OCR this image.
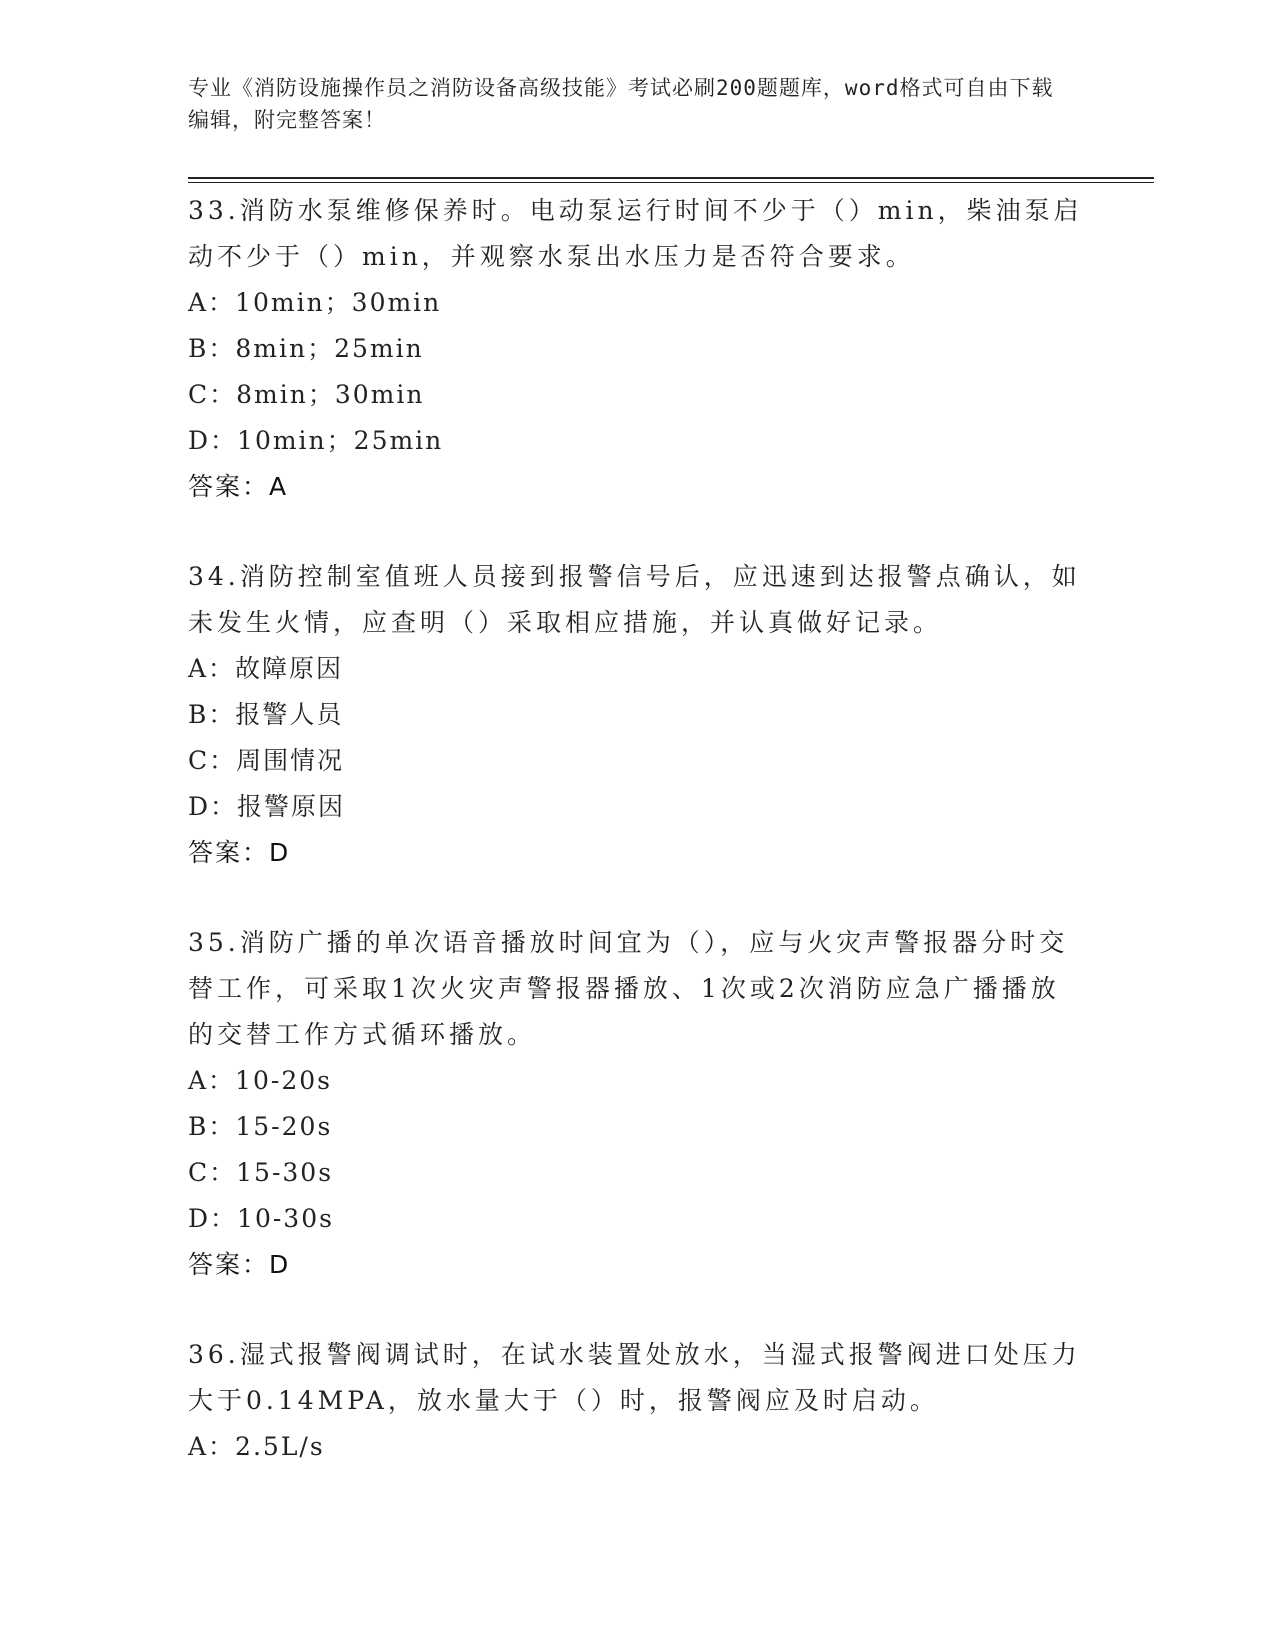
专业《消防设施操作员之消防设备高级技能》考试必刷200题题库，word格式可自由下载编辑，附完整答案！

33.消防水泵维修保养时。电动泵运行时间不少于（）min，柴油泵启动不少于（）min，并观察水泵出水压力是否符合要求。

A：10min；30min

B：8min；25min

C：8min；30min

D：10min；25min

答案：A

34.消防控制室值班人员接到报警信号后，应迅速到达报警点确认，如未发生火情，应查明（）采取相应措施，并认真做好记录。

A：故障原因

B：报警人员

C：周围情况

D：报警原因

答案：D

35.消防广播的单次语音播放时间宜为（），应与火灾声警报器分时交替工作，可采取1次火灾声警报器播放、1次或2次消防应急广播播放的交替工作方式循环播放。

A：10-20s

B：15-20s

C：15-30s

D：10-30s

答案：D

36.湿式报警阀调试时，在试水装置处放水，当湿式报警阀进口处压力大于0.14MPA，放水量大于（）时，报警阀应及时启动。

A：2.5L/s
